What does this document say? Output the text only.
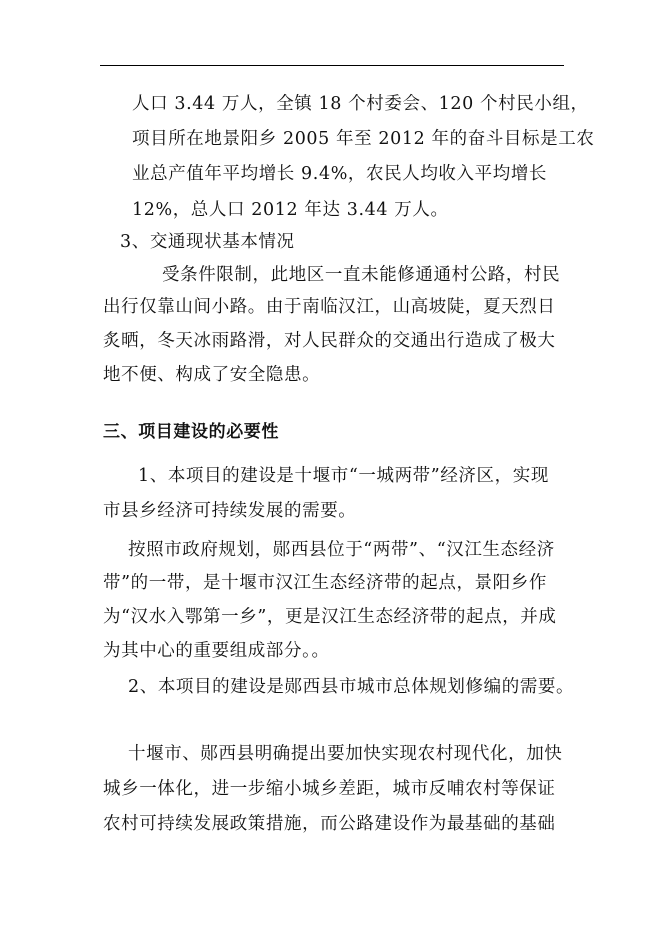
人口 3.44 万人，全镇 18 个村委会、120 个村民小组，
项目所在地景阳乡 2005 年至 2012 年的奋斗目标是工农
业总产值年平均增长 9.4%，农民人均收入平均增长
12%，总人口 2012 年达 3.44 万人。
3、交通现状基本情况
受条件限制，此地区一直未能修通通村公路，村民
出行仅靠山间小路。由于南临汉江，山高坡陡，夏天烈日
炙晒，冬天冰雨路滑，对人民群众的交通出行造成了极大
地不便、构成了安全隐患。
三、项目建设的必要性
1、本项目的建设是十堰市“一城两带”经济区，实现
市县乡经济可持续发展的需要。
按照市政府规划，郧西县位于“两带”、“汉江生态经济
带”的一带，是十堰市汉江生态经济带的起点，景阳乡作
为“汉水入鄂第一乡”，更是汉江生态经济带的起点，并成
为其中心的重要组成部分。。
2、本项目的建设是郧西县市城市总体规划修编的需要。
十堰市、郧西县明确提出要加快实现农村现代化，加快
城乡一体化，进一步缩小城乡差距，城市反哺农村等保证
农村可持续发展政策措施，而公路建设作为最基础的基础
